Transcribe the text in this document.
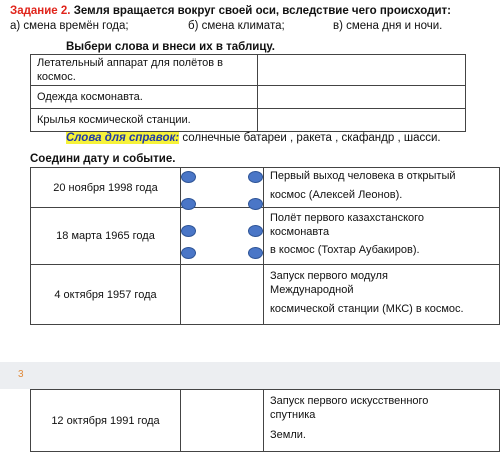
Задание 2. Земля вращается вокруг своей оси, вследствие чего происходит:
а) смена времён года;	б) смена климата;	в) смена дня и ночи.
Выбери слова и внеси их в таблицу.
Летательный аппарат для полётов в
космос.	
Одежда космонавта.	
Крылья космической станции.	
Слова для справок: солнечные батареи , ракета , скафандр , шасси.
Соедини дату и событие.
20 ноября 1998 года		Первый выход человека в открытый
космос (Алексей Леонов).
18 марта 1965 года		Полёт первого казахстанского
космонавта
в космос (Тохтар Аубакиров).
4 октября 1957 года		Запуск первого модуля
Международной
космической станции (МКС) в космос.
3
12 октября 1991 года		Запуск первого искусственного
спутника
Земли.
